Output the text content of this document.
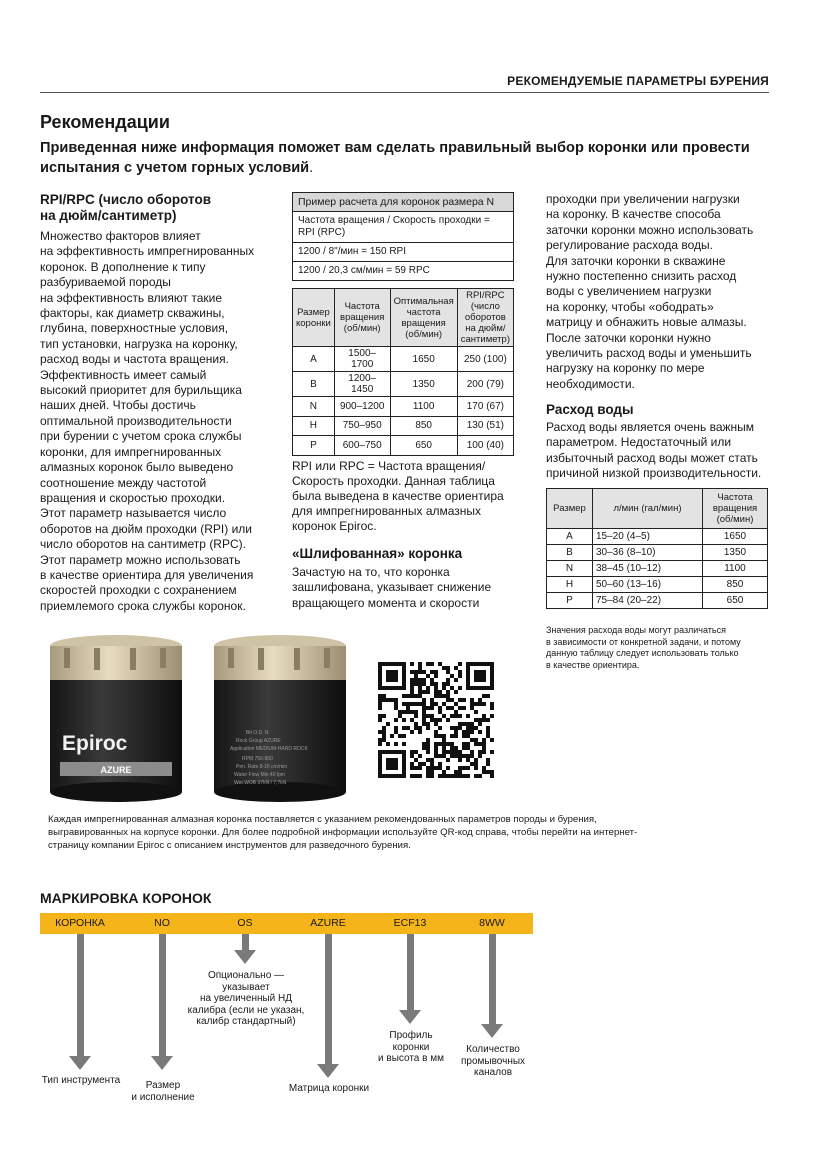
РЕКОМЕНДУЕМЫЕ ПАРАМЕТРЫ БУРЕНИЯ
Рекомендации
Приведенная ниже информация поможет вам сделать правильный выбор коронки или провести испытания с учетом горных условий.
RPI/RPC (число оборотов
на дюйм/сантиметр)
Множество факторов влияет
на эффективность импрегнированных
коронок. В дополнение к типу
разбуриваемой породы
на эффективность влияют такие
факторы, как диаметр скважины,
глубина, поверхностные условия,
тип установки, нагрузка на коронку,
расход воды и частота вращения.
Эффективность имеет самый
высокий приоритет для бурильщика
наших дней. Чтобы достичь
оптимальной производительности
при бурении с учетом срока службы
коронки, для импрегнированных
алмазных коронок было выведено
соотношение между частотой
вращения и скоростью проходки.
Этот параметр называется число
оборотов на дюйм проходки (RPI) или
число оборотов на сантиметр (RPC).
Этот параметр можно использовать
в качестве ориентира для увеличения
скоростей проходки с сохранением
приемлемого срока службы коронок.
Пример расчета для коронок размера N
Частота вращения / Скорость проходки =
RPI (RPC)
1200 / 8"/мин = 150 RPI
1200 / 20,3 см/мин = 59 RPC
Размер
коронки	Частота
вращения
(об/мин)	Оптимальная
частота
вращения
(об/мин)	RPI/RPC
(число
оборотов
на дюйм/
сантиметр)
A	1500–1700	1650	250 (100)
B	1200–1450	1350	200 (79)
N	900–1200	1100	170 (67)
H	750–950	850	130 (51)
P	600–750	650	100 (40)
RPI или RPC = Частота вращения/
Скорость проходки. Данная таблица
была выведена в качестве ориентира
для импрегнированных алмазных
коронок Epiroc.
«Шлифованная» коронка
Зачастую на то, что коронка
зашлифована, указывает снижение
вращающего момента и скорости
проходки при увеличении нагрузки
на коронку. В качестве способа
заточки коронки можно использовать
регулирование расхода воды.
Для заточки коронки в скважине
нужно постепенно снизить расход
воды с увеличением нагрузки
на коронку, чтобы «ободрать»
матрицу и обнажить новые алмазы.
После заточки коронки нужно
увеличить расход воды и уменьшить
нагрузку на коронку по мере
необходимости.
Расход воды
Расход воды является очень важным
параметром. Недостаточный или
избыточный расход воды может стать
причиной низкой производительности.
Размер	л/мин (гал/мин)	Частота
вращения
(об/мин)
A	15–20 (4–5)	1650
B	30–36 (8–10)	1350
N	38–45 (10–12)	1100
H	50–60 (13–16)	850
P	75–84 (20–22)	650
Значения расхода воды могут различаться
в зависимости от конкретной задачи, и потому
данную таблицу следует использовать только
в качестве ориентира.
Epiroc
AZURE
Bit O.D. N
Rock Group AZURE
Application MEDIUM-HARD ROCK
RPM 750-950
Pen. Rate 8-16 cm/min
Water Flow Min 40 lpm
Wet WOB 37kN / 7,7kN
Каждая импрегнированная алмазная коронка поставляется с указанием рекомендованных параметров породы и бурения,
выгравированных на корпусе коронки. Для более подробной информации используйте QR-код справа, чтобы перейти на интернет-
страницу компании Epiroc с описанием инструментов для разведочного бурения.
МАРКИРОВКА КОРОНОК
КОРОНКА	NO	OS	AZURE	ECF13	8WW
Тип инструмента	Размер
и исполнение
Опционально —
указывает
на увеличенный НД
калибра (если не указан,
калибр стандартный)
Матрица коронки
Профиль
коронки
и высота в мм
Количество
промывочных
каналов
